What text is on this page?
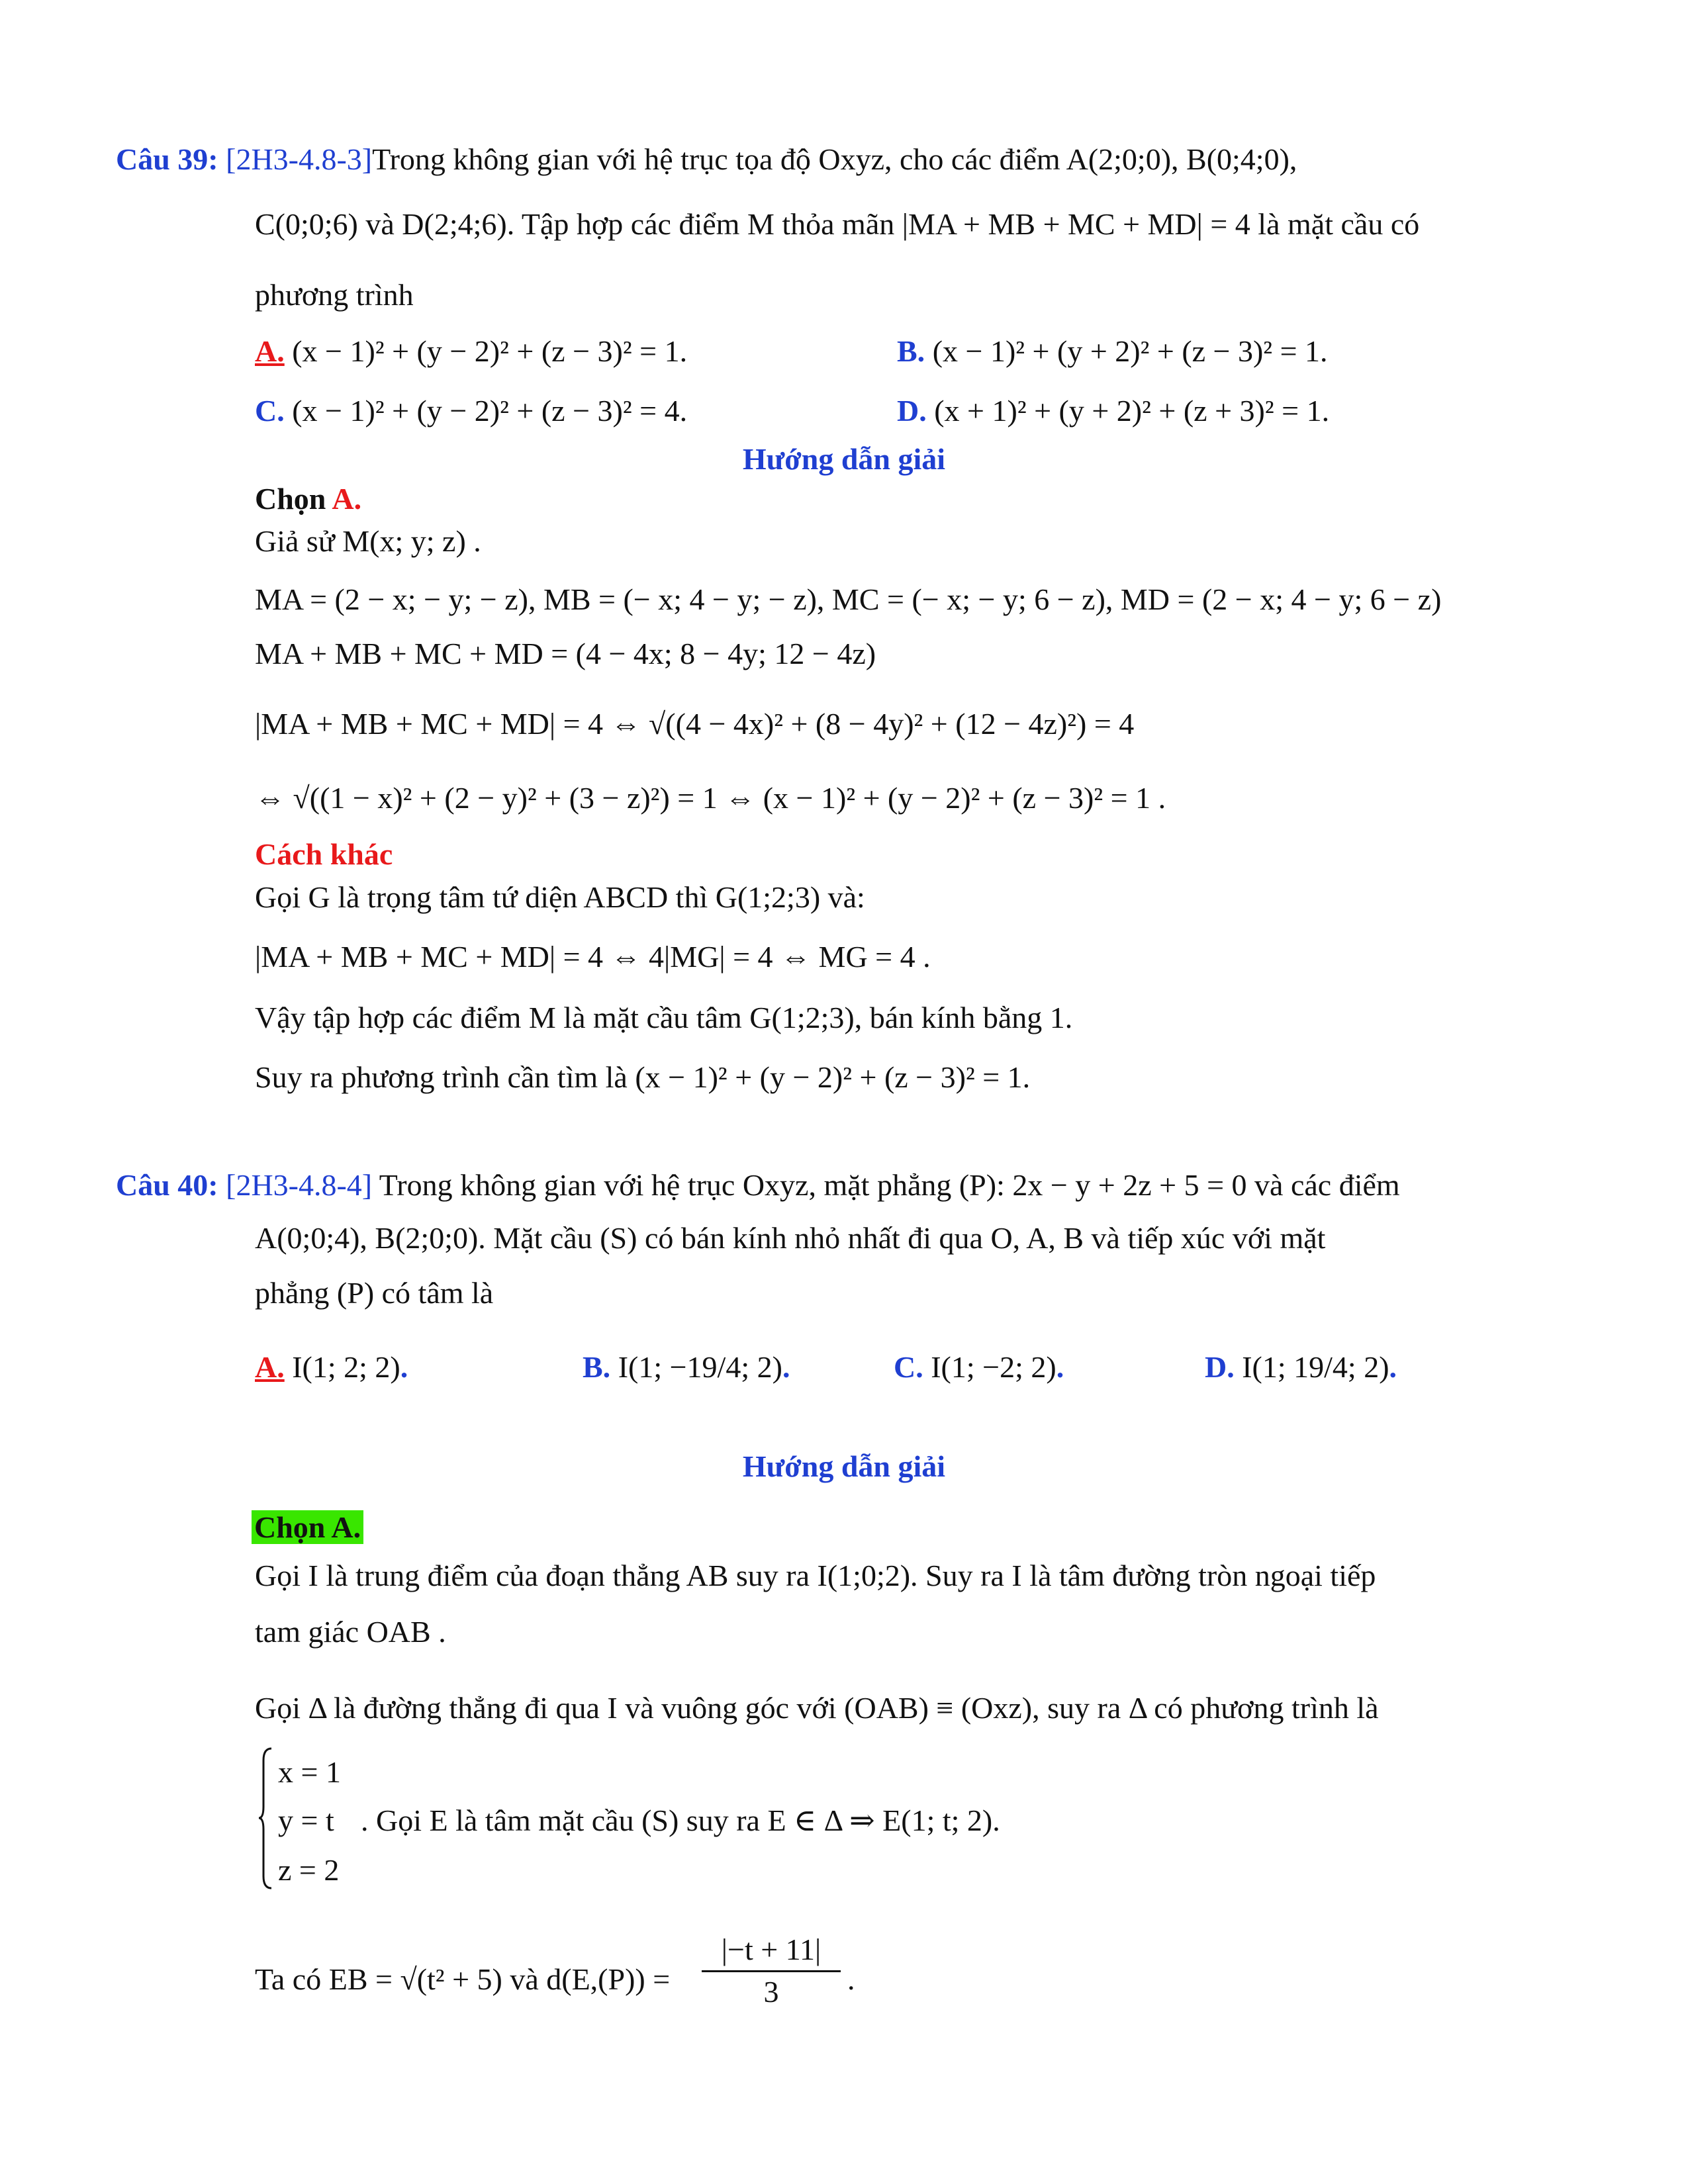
Câu 39: [2H3-4.8-3]Trong không gian với hệ trục tọa độ Oxyz, cho các điểm A(2;0;0), B(0;4;0),
C(0;0;6) và D(2;4;6). Tập hợp các điểm M thỏa mãn |MA + MB + MC + MD| = 4 là mặt cầu có
phương trình
A. (x − 1)² + (y − 2)² + (z − 3)² = 1.	B. (x − 1)² + (y + 2)² + (z − 3)² = 1.
C. (x − 1)² + (y − 2)² + (z − 3)² = 4.	D. (x + 1)² + (y + 2)² + (z + 3)² = 1.
Hướng dẫn giải
Chọn A.
Giả sử M(x; y; z) .
MA = (2 − x; − y; − z), MB = (− x; 4 − y; − z), MC = (− x; − y; 6 − z), MD = (2 − x; 4 − y; 6 − z)
MA + MB + MC + MD = (4 − 4x; 8 − 4y; 12 − 4z)
|MA + MB + MC + MD| = 4 ⇔ √((4 − 4x)² + (8 − 4y)² + (12 − 4z)²) = 4
⇔ √((1 − x)² + (2 − y)² + (3 − z)²) = 1 ⇔ (x − 1)² + (y − 2)² + (z − 3)² = 1 .
Cách khác
Gọi G là trọng tâm tứ diện ABCD thì G(1;2;3) và:
|MA + MB + MC + MD| = 4 ⇔ 4|MG| = 4 ⇔ MG = 4 .
Vậy tập hợp các điểm M là mặt cầu tâm G(1;2;3), bán kính bằng 1.
Suy ra phương trình cần tìm là (x − 1)² + (y − 2)² + (z − 3)² = 1.
Câu 40: [2H3-4.8-4] Trong không gian với hệ trục Oxyz, mặt phẳng (P): 2x − y + 2z + 5 = 0 và các điểm
A(0;0;4), B(2;0;0). Mặt cầu (S) có bán kính nhỏ nhất đi qua O, A, B và tiếp xúc với mặt
phẳng (P) có tâm là
A. I(1; 2; 2).	B. I(1; −19/4; 2).	C. I(1; −2; 2).	D. I(1; 19/4; 2).
Hướng dẫn giải
Chọn A.
Gọi I là trung điểm của đoạn thẳng AB suy ra I(1;0;2). Suy ra I là tâm đường tròn ngoại tiếp
tam giác OAB .
Gọi Δ là đường thẳng đi qua I và vuông góc với (OAB) ≡ (Oxz), suy ra Δ có phương trình là
x = 1
y = t
z = 2
. Gọi E là tâm mặt cầu (S) suy ra E ∈ Δ ⇒ E(1; t; 2).
Ta có EB = √(t² + 5) và $d(E,(P)) = \frac{|-t + 11|}{3}$ .
